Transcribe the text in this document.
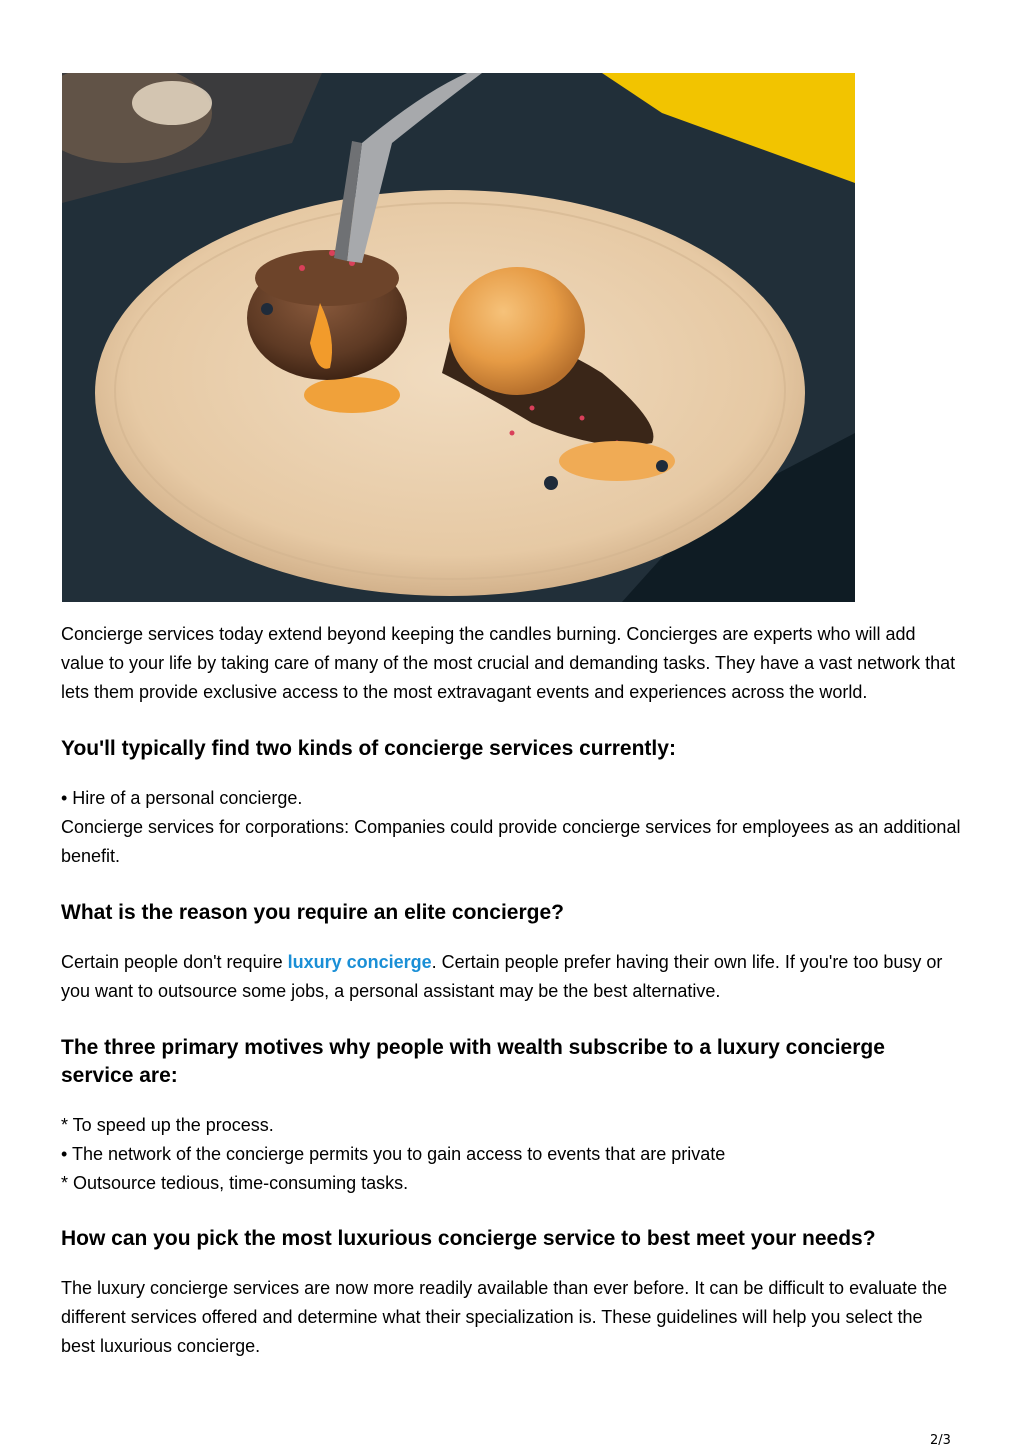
Concierge services today extend beyond keeping the candles burning. Concierges are experts who will add value to your life by taking care of many of the most crucial and demanding tasks. They have a vast network that lets them provide exclusive access to the most extravagant events and experiences across the world.

You'll typically find two kinds of concierge services currently:

• Hire of a personal concierge.
Concierge services for corporations: Companies could provide concierge services for employees as an additional benefit.

What is the reason you require an elite concierge?

Certain people don't require luxury concierge. Certain people prefer having their own life. If you're too busy or you want to outsource some jobs, a personal assistant may be the best alternative.

The three primary motives why people with wealth subscribe to a luxury concierge service are:

* To speed up the process.
• The network of the concierge permits you to gain access to events that are private
* Outsource tedious, time-consuming tasks.

How can you pick the most luxurious concierge service to best meet your needs?

The luxury concierge services are now more readily available than ever before. It can be difficult to evaluate the different services offered and determine what their specialization is. These guidelines will help you select the best luxurious concierge.

2/3
